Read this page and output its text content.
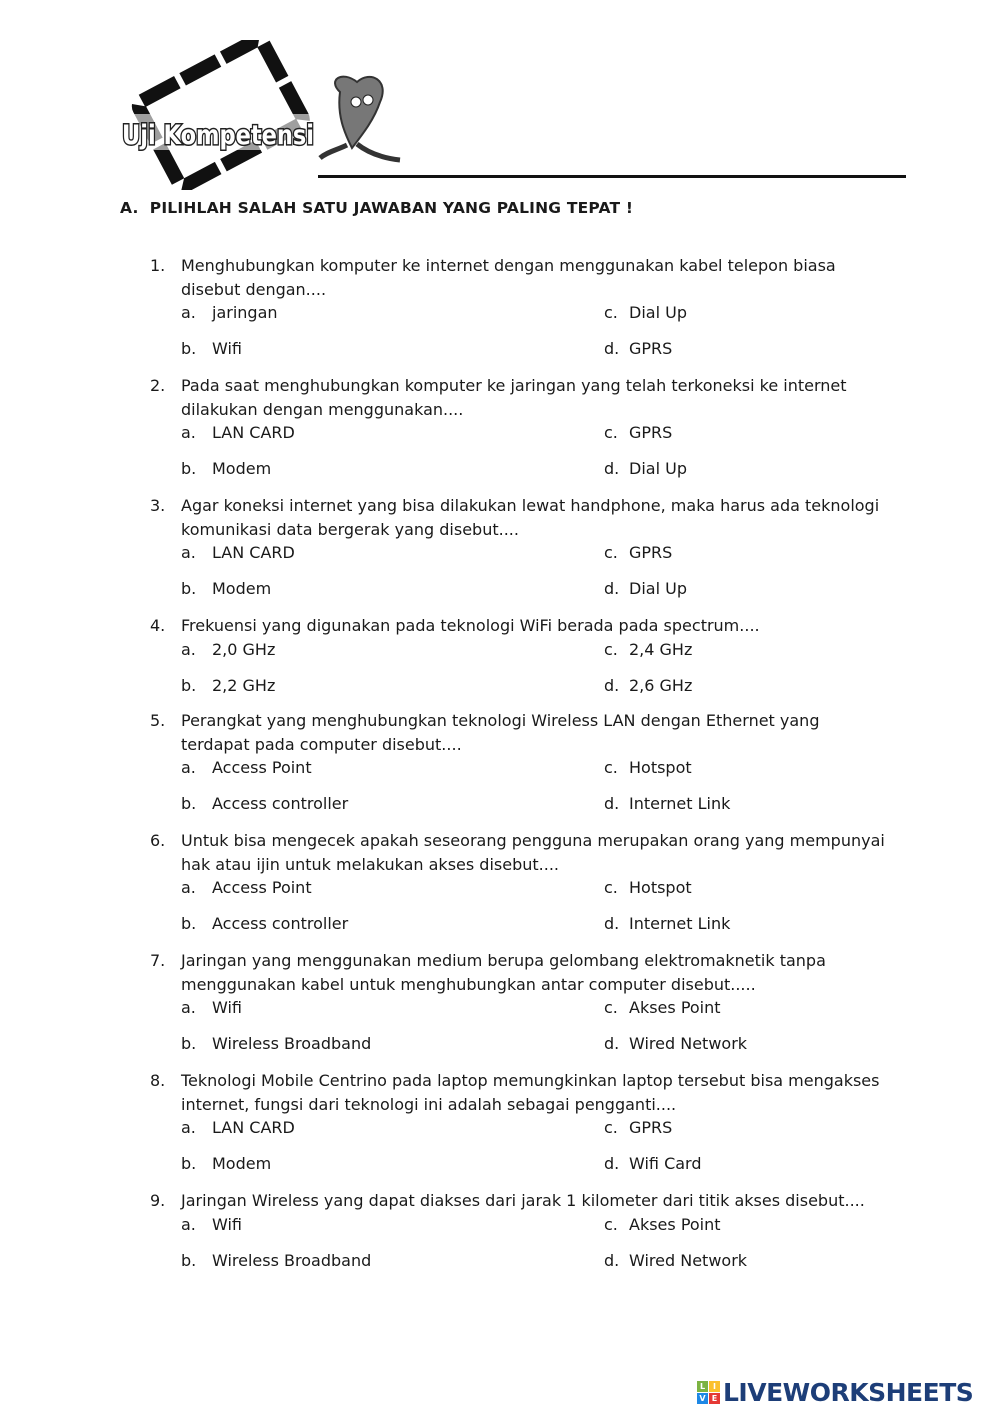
Uji Kompetensi
A. PILIHLAH SALAH SATU JAWABAN YANG PALING TEPAT !
1. Menghubungkan komputer ke internet dengan menggunakan kabel telepon biasa disebut dengan....
a. jaringan
b. Wifi
c. Dial Up
d. GPRS
2. Pada saat menghubungkan komputer ke jaringan yang telah terkoneksi ke internet dilakukan dengan menggunakan....
a. LAN CARD
b. Modem
c. GPRS
d. Dial Up
3. Agar koneksi internet yang bisa dilakukan lewat handphone, maka harus ada teknologi komunikasi data bergerak yang disebut....
a. LAN CARD
b. Modem
c. GPRS
d. Dial Up
4. Frekuensi yang digunakan pada teknologi WiFi berada pada spectrum....
a. 2,0 GHz
b. 2,2 GHz
c. 2,4 GHz
d. 2,6 GHz
5. Perangkat yang menghubungkan teknologi Wireless LAN dengan Ethernet yang terdapat pada computer disebut....
a. Access Point
b. Access controller
c. Hotspot
d. Internet Link
6. Untuk bisa mengecek apakah seseorang pengguna merupakan orang yang mempunyai hak atau ijin untuk melakukan akses disebut....
a. Access Point
b. Access controller
c. Hotspot
d. Internet Link
7. Jaringan yang menggunakan medium berupa gelombang elektromaknetik tanpa menggunakan kabel untuk menghubungkan antar computer disebut.....
a. Wifi
b. Wireless Broadband
c. Akses Point
d. Wired Network
8. Teknologi Mobile Centrino pada laptop memungkinkan laptop tersebut bisa mengakses internet, fungsi dari teknologi ini adalah sebagai pengganti....
a. LAN CARD
b. Modem
c. GPRS
d. Wifi Card
9. Jaringan Wireless yang dapat diakses dari jarak 1 kilometer dari titik akses disebut....
a. Wifi
b. Wireless Broadband
c. Akses Point
d. Wired Network
L I
V E LIVEWORKSHEETS
